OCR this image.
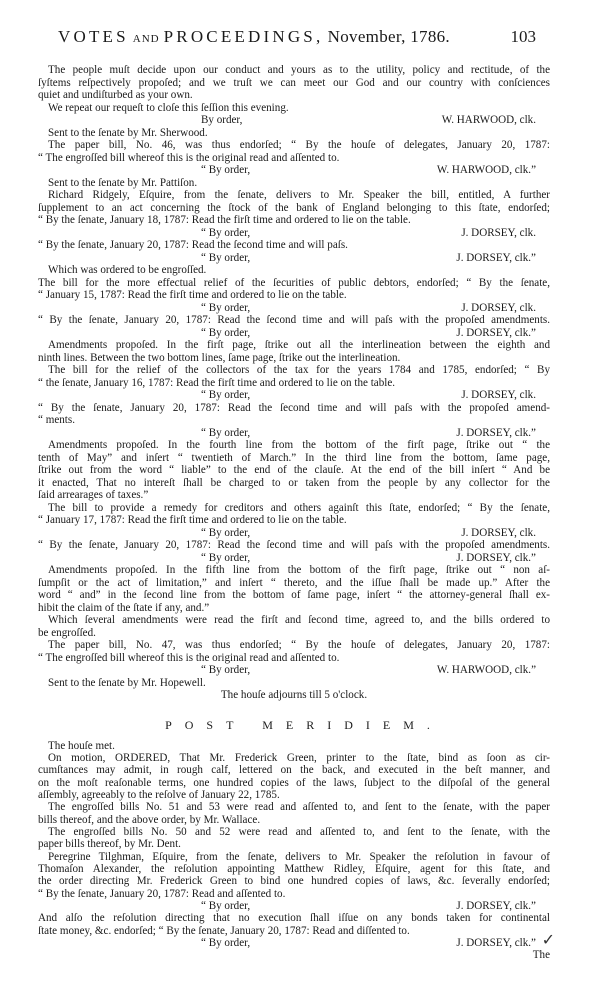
VOTES AND PROCEEDINGS, November, 1786.	103
The people muſt decide upon our conduct and yours as to the utility, policy and rectitude, of the
ſyſtems reſpectively propoſed; and we truſt we can meet our God and our country with conſciences
quiet and undiſturbed as your own.
We repeat our requeſt to cloſe this ſeſſion this evening.
By order,	W. HARWOOD, clk.
Sent to the ſenate by Mr. Sherwood.
The paper bill, No. 46, was thus endorſed; “ By the houſe of delegates, January 20, 1787:
“ The engroſſed bill whereof this is the original read and aſſented to.
“ By order,	W. HARWOOD, clk.”
Sent to the ſenate by Mr. Pattiſon.
Richard Ridgely, Eſquire, from the ſenate, delivers to Mr. Speaker the bill, entitled, A further
ſupplement to an act concerning the ſtock of the bank of England belonging to this ſtate, endorſed;
“ By the ſenate, January 18, 1787: Read the firſt time and ordered to lie on the table.
“ By order,	J. DORSEY, clk.
“ By the ſenate, January 20, 1787: Read the ſecond time and will paſs.
“ By order,	J. DORSEY, clk.”
Which was ordered to be engroſſed.
The bill for the more effectual relief of the ſecurities of public debtors, endorſed; “ By the ſenate,
“ January 15, 1787: Read the firſt time and ordered to lie on the table.
“ By order,	J. DORSEY, clk.
“ By the ſenate, January 20, 1787: Read the ſecond time and will paſs with the propoſed amendments.
“ By order,	J. DORSEY, clk.”
Amendments propoſed. In the firſt page, ſtrike out all the interlineation between the eighth and
ninth lines. Between the two bottom lines, ſame page, ſtrike out the interlineation.
The bill for the relief of the collectors of the tax for the years 1784 and 1785, endorſed; “ By
“ the ſenate, January 16, 1787: Read the firſt time and ordered to lie on the table.
“ By order,	J. DORSEY, clk.
“ By the ſenate, January 20, 1787: Read the ſecond time and will paſs with the propoſed amend-
“ ments.
“ By order,	J. DORSEY, clk.”
Amendments propoſed. In the fourth line from the bottom of the firſt page, ſtrike out “ the
tenth of May” and inſert “ twentieth of March.” In the third line from the bottom, ſame page,
ſtrike out from the word “ liable” to the end of the clauſe. At the end of the bill inſert “ And be
it enacted, That no intereſt ſhall be charged to or taken from the people by any collector for the
ſaid arrearages of taxes.”
The bill to provide a remedy for creditors and others againſt this ſtate, endorſed; “ By the ſenate,
“ January 17, 1787: Read the firſt time and ordered to lie on the table.
“ By order,	J. DORSEY, clk.
“ By the ſenate, January 20, 1787: Read the ſecond time and will paſs with the propoſed amendments.
“ By order,	J. DORSEY, clk.”
Amendments propoſed. In the fifth line from the bottom of the firſt page, ſtrike out “ non aſ-
ſumpſit or the act of limitation,” and inſert “ thereto, and the iſſue ſhall be made up.” After the
word “ and” in the ſecond line from the bottom of ſame page, inſert “ the attorney-general ſhall ex-
hibit the claim of the ſtate if any, and.”
Which ſeveral amendments were read the firſt and ſecond time, agreed to, and the bills ordered to
be engroſſed.
The paper bill, No. 47, was thus endorſed; “ By the houſe of delegates, January 20, 1787:
“ The engroſſed bill whereof this is the original read and aſſented to.
“ By order,	W. HARWOOD, clk.”
Sent to the ſenate by Mr. Hopewell.
The houſe adjourns till 5 o'clock.
POST MERIDIEM.
The houſe met.
On motion, ORDERED, That Mr. Frederick Green, printer to the ſtate, bind as ſoon as cir-
cumſtances may admit, in rough calf, lettered on the back, and executed in the beſt manner, and
on the moſt reaſonable terms, one hundred copies of the laws, ſubject to the diſpoſal of the general
aſſembly, agreeably to the reſolve of January 22, 1785.
The engroſſed bills No. 51 and 53 were read and aſſented to, and ſent to the ſenate, with the paper
bills thereof, and the above order, by Mr. Wallace.
The engroſſed bills No. 50 and 52 were read and aſſented to, and ſent to the ſenate, with the
paper bills thereof, by Mr. Dent.
Peregrine Tilghman, Eſquire, from the ſenate, delivers to Mr. Speaker the reſolution in favour of
Thomaſon Alexander, the reſolution appointing Matthew Ridley, Eſquire, agent for this ſtate, and
the order directing Mr. Frederick Green to bind one hundred copies of laws, &c. ſeverally endorſed;
“ By the ſenate, January 20, 1787: Read and aſſented to.
“ By order,	J. DORSEY, clk.”
And alſo the reſolution directing that no execution ſhall iſſue on any bonds taken for continental
ſtate money, &c. endorſed; “ By the ſenate, January 20, 1787: Read and diſſented to.
“ By order,	J. DORSEY, clk.”
The
✓
